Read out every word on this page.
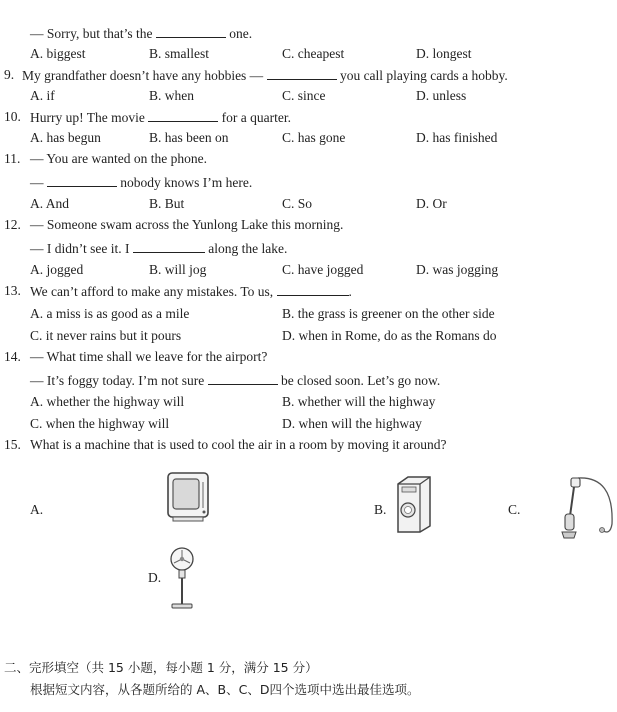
— Sorry, but that’s the	one.
A. biggest	B. smallest	C. cheapest	D. longest
9. My grandfather doesn’t have any hobbies —	you call playing cards a hobby.
A. if	B. when	C. since	D. unless
10. Hurry up! The movie	for a quarter.
A. has begun	B. has been on	C. has gone	D. has finished
11. — You are wanted on the phone.
—	nobody knows I’m here.
A. And	B. But	C. So	D. Or
12. — Someone swam across the Yunlong Lake this morning.
— I didn’t see it. I	along the lake.
A. jogged	B. will jog	C. have jogged	D. was jogging
13. We can’t afford to make any mistakes. To us,	.
A. a miss is as good as a mile	B. the grass is greener on the other side
C. it never rains but it pours	D. when in Rome, do as the Romans do
14. — What time shall we leave for the airport?
— It’s foggy today. I’m not sure	be closed soon. Let’s go now.
A. whether the highway will	B. whether will the highway
C. when the highway will	D. when will the highway
15. What is a machine that is used to cool the air in a room by moving it around?
A.	B.	C.
D.
二、完形填空（共 15 小题，每小题 1 分，满分 15 分）
根据短文内容，从各题所给的 A、B、C、D四个选项中选出最佳选项。
